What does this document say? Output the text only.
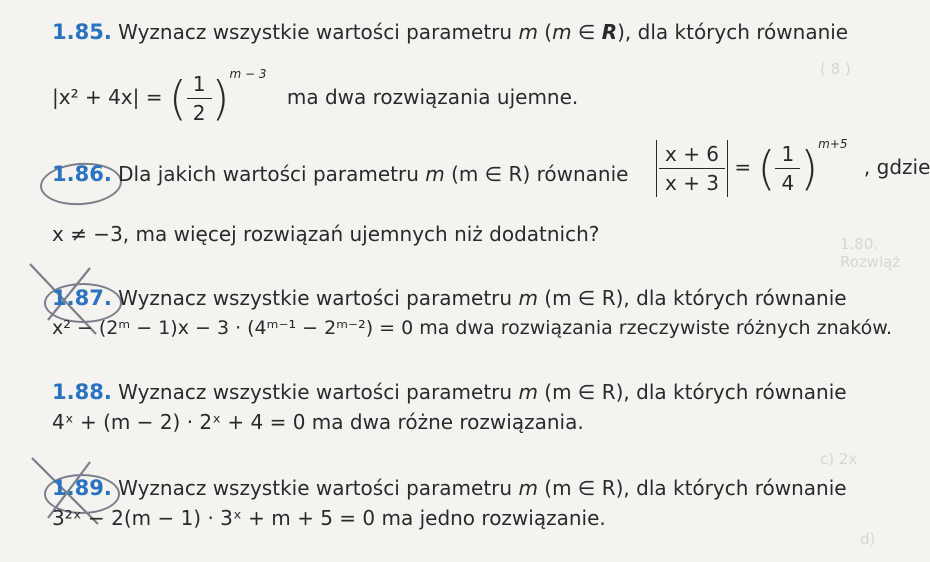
( 8 )
1.80. Rozwiąż
c) 2x
d)
1.85. Wyznacz wszystkie wartości parametru m (m ∈ R), dla których równanie
|x² + 4x| = ( $\frac{1}{2} )^{m - 3}$ ma dwa rozwiązania ujemne.
1.86. Dla jakich wartości parametru m (m ∈ R) równanie $\frac{x + 6}{x + 3}$ = ( $\frac{1}{4} )^{m+5}$ , gdzie
x ≠ −3, ma więcej rozwiązań ujemnych niż dodatnich?
1.87. Wyznacz wszystkie wartości parametru m (m ∈ R), dla których równanie
x² − (2ᵐ − 1)x − 3 · (4ᵐ⁻¹ − 2ᵐ⁻²) = 0 ma dwa rozwiązania rzeczywiste różnych znaków.
1.88. Wyznacz wszystkie wartości parametru m (m ∈ R), dla których równanie
4ˣ + (m − 2) · 2ˣ + 4 = 0 ma dwa różne rozwiązania.
1.89. Wyznacz wszystkie wartości parametru m (m ∈ R), dla których równanie
3²ˣ − 2(m − 1) · 3ˣ + m + 5 = 0 ma jedno rozwiązanie.
